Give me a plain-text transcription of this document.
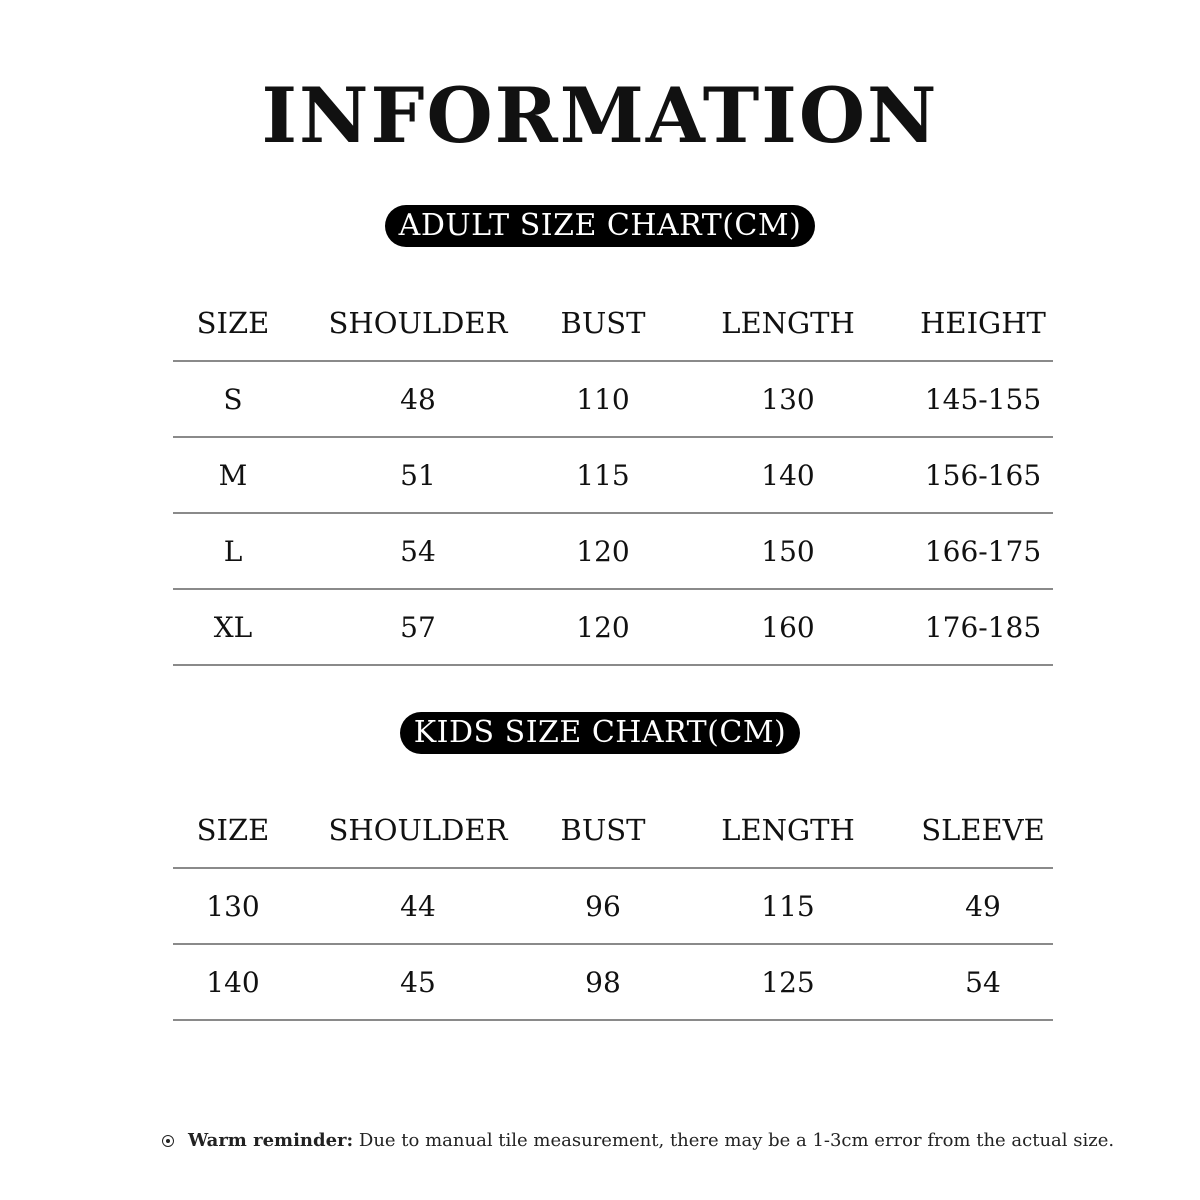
INFORMATION
ADULT SIZE CHART(CM)
SIZE	SHOULDER	BUST	LENGTH	HEIGHT
S	48	110	130	145-155
M	51	115	140	156-165
L	54	120	150	166-175
XL	57	120	160	176-185
KIDS SIZE CHART(CM)
SIZE	SHOULDER	BUST	LENGTH	SLEEVE
130	44	96	115	49
140	45	98	125	54
Warm reminder: Due to manual tile measurement, there may be a 1-3cm error from the actual size.
